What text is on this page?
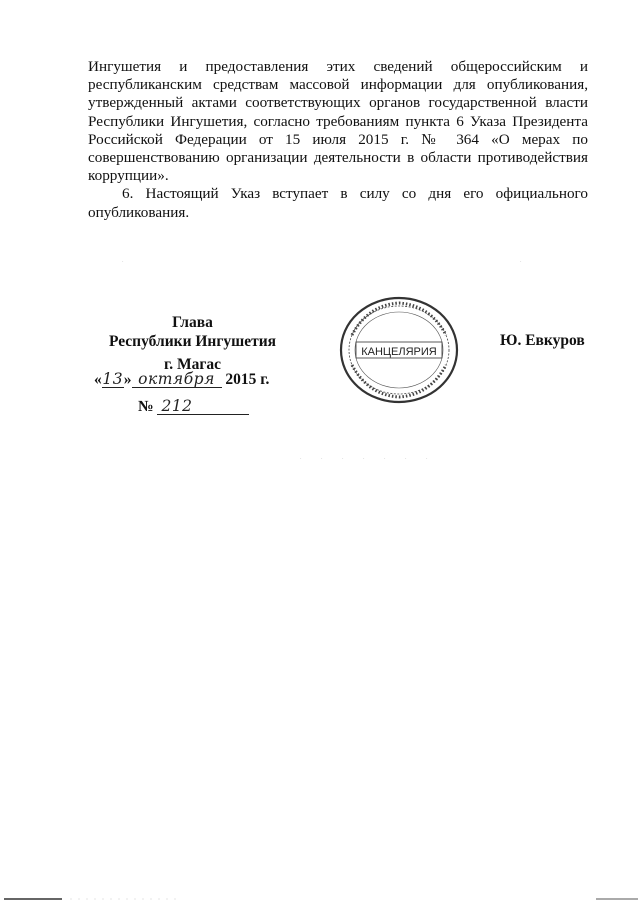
Ингушетия и предоставления этих сведений общероссийским и республиканским средствам массовой информации для опубликования, утвержденный актами соответствующих органов государственной власти Республики Ингушетия, согласно требованиям пункта 6 Указа Президента Российской Федерации от 15 июля 2015 г. № 364 «О мерах по совершенствованию организации деятельности в области противодействия коррупции».

6. Настоящий Указ вступает в силу со дня его официального опубликования.

.	.
Глава
Республики Ингушетия
г. Магас
«13» октября 2015 г.
№ 212
Ю. Евкуров
КАНЦЕЛЯРИЯ
. . . . . . .
